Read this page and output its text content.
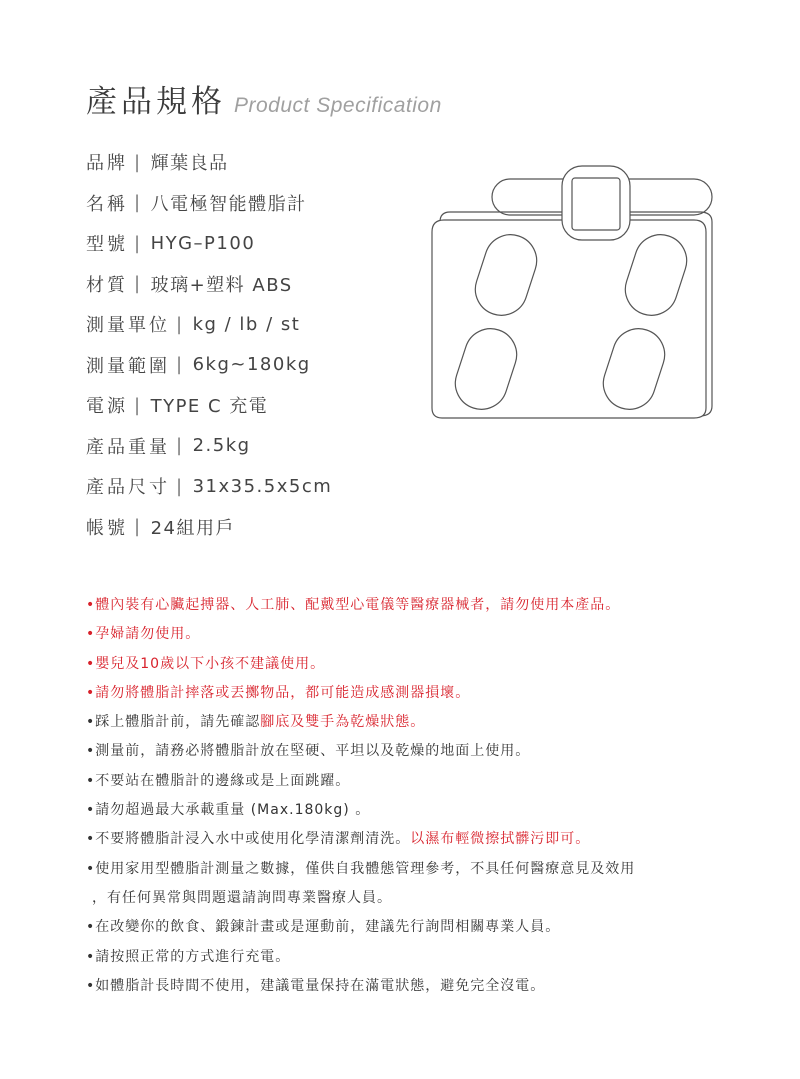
產品規格 Product Specification
品牌 | 輝葉良品
名稱 | 八電極智能體脂計
型號 | HYG–P100
材質 | 玻璃+塑料 ABS
測量單位 | kg / lb / st
測量範圍 | 6kg~180kg
電源 | TYPE C 充電
產品重量 | 2.5kg
產品尺寸 | 31x35.5x5cm
帳號 | 24組用戶
•體內裝有心臟起搏器、人工肺、配戴型心電儀等醫療器械者，請勿使用本產品。
•孕婦請勿使用。
•嬰兒及10歲以下小孩不建議使用。
•請勿將體脂計摔落或丟擲物品，都可能造成感測器損壞。
•踩上體脂計前，請先確認腳底及雙手為乾燥狀態。
•測量前，請務必將體脂計放在堅硬、平坦以及乾燥的地面上使用。
•不要站在體脂計的邊緣或是上面跳躍。
•請勿超過最大承載重量 (Max.180kg) 。
•不要將體脂計浸入水中或使用化學清潔劑清洗。以濕布輕微擦拭髒污即可。
•使用家用型體脂計測量之數據，僅供自我體態管理參考，不具任何醫療意見及效用
，有任何異常與問題還請詢問專業醫療人員。
•在改變你的飲食、鍛鍊計畫或是運動前，建議先行詢問相關專業人員。
•請按照正常的方式進行充電。
•如體脂計長時間不使用，建議電量保持在滿電狀態，避免完全沒電。
